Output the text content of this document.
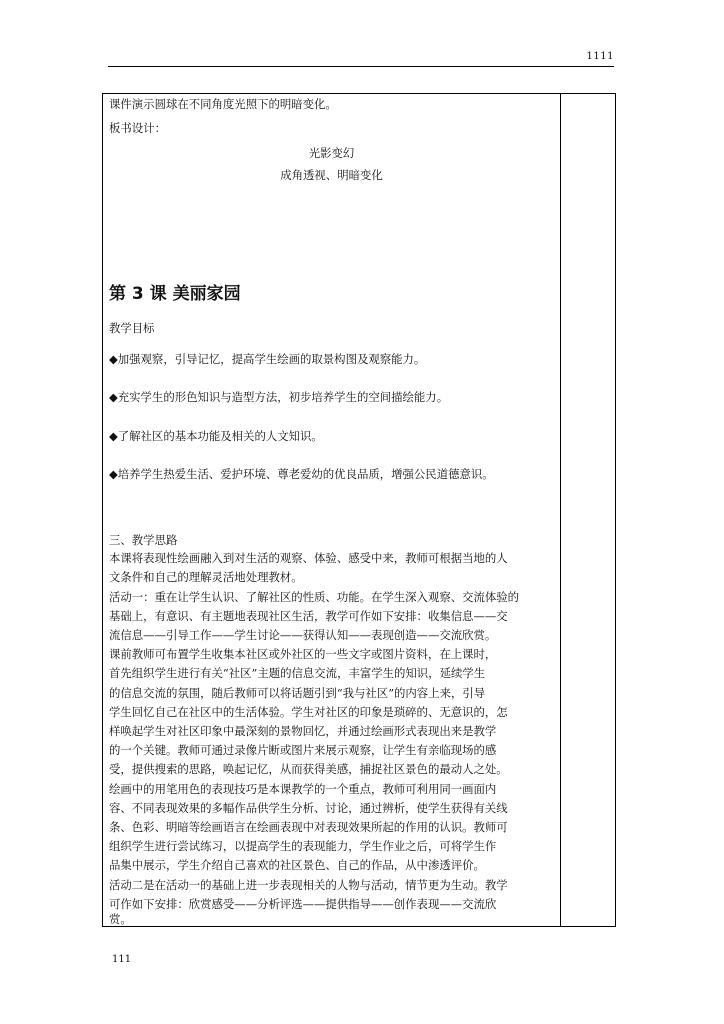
1111
课件演示圆球在不同角度光照下的明暗变化。
板书设计：
光影变幻
成角透视、明暗变化
第 3 课 美丽家园
教学目标
◆加强观察，引导记忆，提高学生绘画的取景构图及观察能力。
◆充实学生的形色知识与造型方法，初步培养学生的空间描绘能力。
◆了解社区的基本功能及相关的人文知识。
◆培养学生热爱生活、爱护环境、尊老爱幼的优良品质，增强公民道德意识。
三、教学思路
本课将表现性绘画融入到对生活的观察、体验、感受中来，教师可根据当地的人
文条件和自己的理解灵活地处理教材。
活动一：重在让学生认识、了解社区的性质、功能。在学生深入观察、交流体验的
基础上，有意识、有主题地表现社区生活，教学可作如下安排：收集信息——交
流信息——引导工作——学生讨论——获得认知——表现创造——交流欣赏。
课前教师可布置学生收集本社区或外社区的一些文字或图片资料，在上课时，
首先组织学生进行有关“社区”主题的信息交流，丰富学生的知识，延续学生
的信息交流的氛围，随后教师可以将话题引到“我与社区”的内容上来，引导
学生回忆自己在社区中的生活体验。学生对社区的印象是琐碎的、无意识的，怎
样唤起学生对社区印象中最深刻的景物回忆，并通过绘画形式表现出来是教学
的一个关键。教师可通过录像片断或图片来展示观察，让学生有亲临现场的感
受，提供搜索的思路，唤起记忆，从而获得美感，捕捉社区景色的最动人之处。
绘画中的用笔用色的表现技巧是本课教学的一个重点，教师可利用同一画面内
容、不同表现效果的多幅作品供学生分析、讨论，通过辨析，使学生获得有关线
条、色彩、明暗等绘画语言在绘画表现中对表现效果所起的作用的认识。教师可
组织学生进行尝试练习，以提高学生的表现能力，学生作业之后，可将学生作
品集中展示，学生介绍自己喜欢的社区景色、自己的作品，从中渗透评价。
活动二是在活动一的基础上进一步表现相关的人物与活动，情节更为生动。教学
可作如下安排：欣赏感受——分析评选——提供指导——创作表现——交流欣
赏。
111
